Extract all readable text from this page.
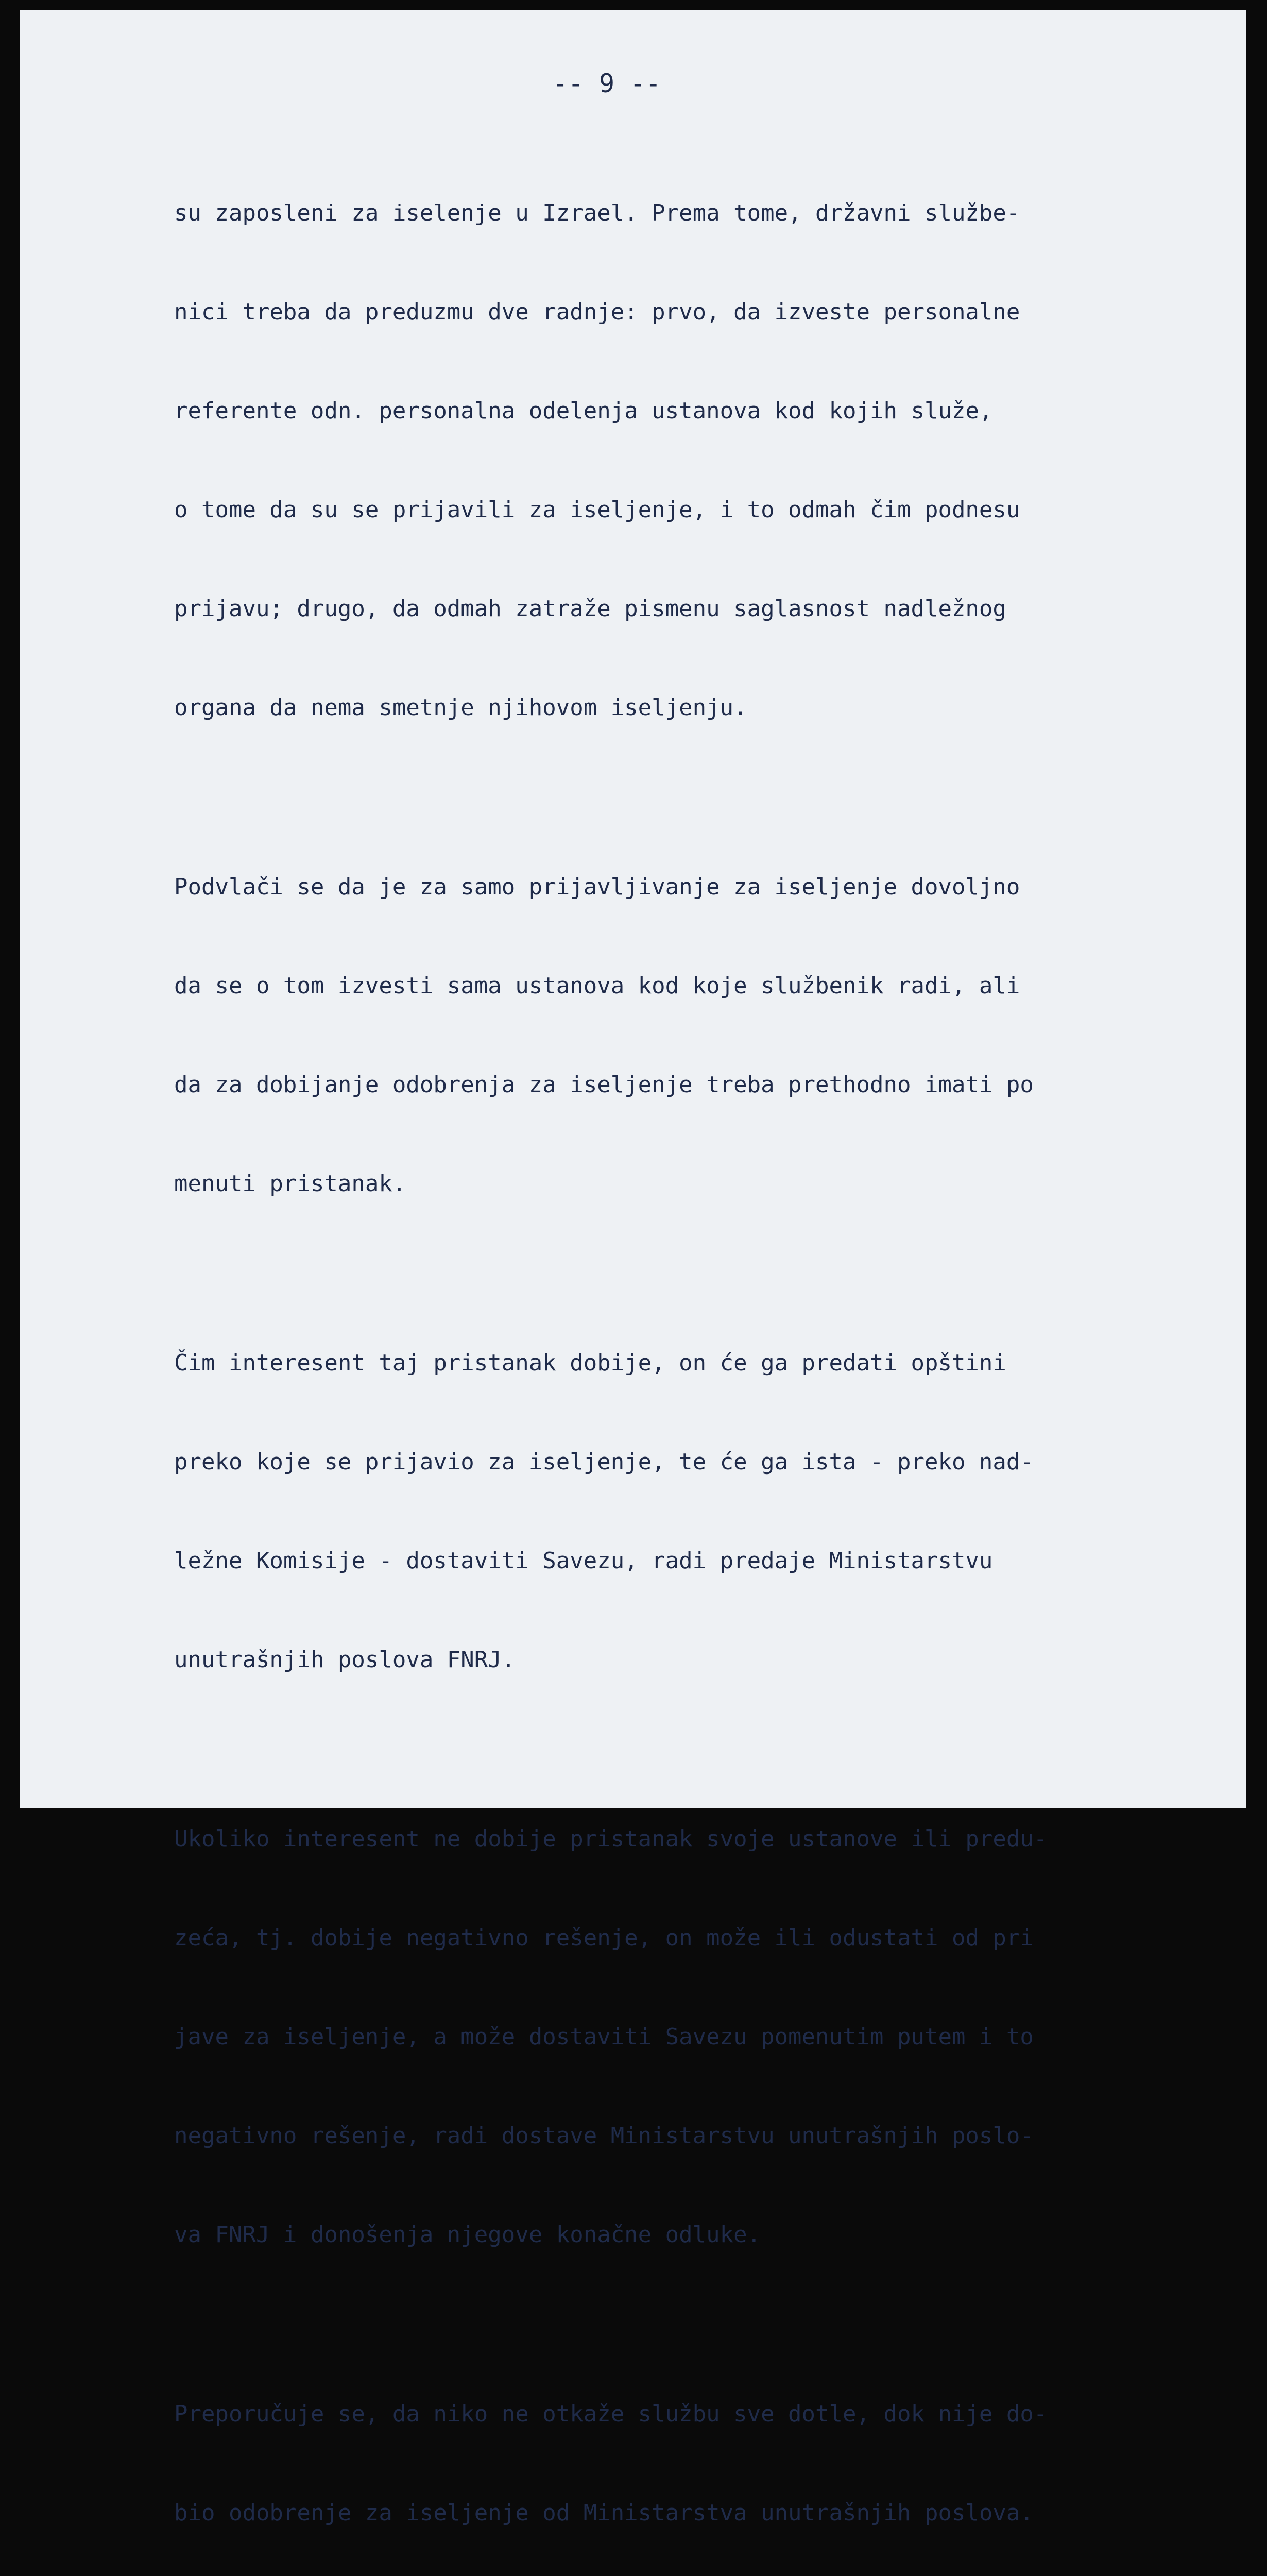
-- 9 --

su zaposleni za iselenje u Izrael. Prema tome, državni službe-

nici treba da preduzmu dve radnje: prvo, da izveste personalne

referente odn. personalna odelenja ustanova kod kojih služe,

o tome da su se prijavili za iseljenje, i to odmah čim podnesu

prijavu; drugo, da odmah zatraže pismenu saglasnost nadležnog

organa da nema smetnje njihovom iseljenju.

Podvlači se da je za samo prijavljivanje za iseljenje dovoljno

da se o tom izvesti sama ustanova kod koje službenik radi, ali

da za dobijanje odobrenja za iseljenje treba prethodno imati po

menuti pristanak.

Čim interesent taj pristanak dobije, on će ga predati opštini

preko koje se prijavio za iseljenje, te će ga ista - preko nad-

ležne Komisije - dostaviti Savezu, radi predaje Ministarstvu

unutrašnjih poslova FNRJ.

Ukoliko interesent ne dobije pristanak svoje ustanove ili predu-

zeća, tj. dobije negativno rešenje, on može ili odustati od pri

jave za iseljenje, a može dostaviti Savezu pomenutim putem i to

negativno rešenje, radi dostave Ministarstvu unutrašnjih poslo-

va FNRJ i donošenja njegove konačne odluke.

Preporučuje se, da niko ne otkaže službu sve dotle, dok nije do-

bio odobrenje za iseljenje od Ministarstva unutrašnjih poslova.
